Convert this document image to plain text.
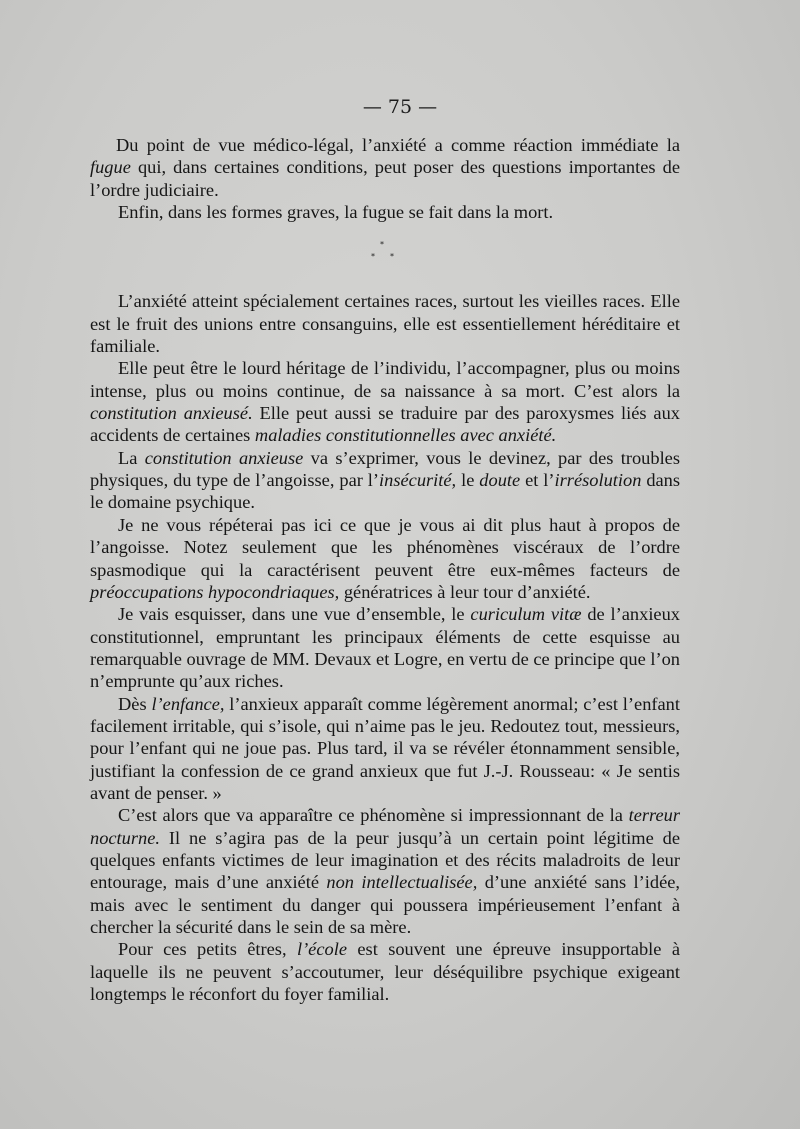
— 75 —

Du point de vue médico-légal, l’anxiété a comme réaction immédiate la fugue qui, dans certaines conditions, peut poser des questions importantes de l’ordre judiciaire.

Enfin, dans les formes graves, la fugue se fait dans la mort.

*
* *

L’anxiété atteint spécialement certaines races, surtout les vieilles races. Elle est le fruit des unions entre consanguins, elle est essentiellement héréditaire et familiale.

Elle peut être le lourd héritage de l’individu, l’accompagner, plus ou moins intense, plus ou moins continue, de sa naissance à sa mort. C’est alors la constitution anxieusé. Elle peut aussi se traduire par des paroxysmes liés aux accidents de certaines maladies constitutionnelles avec anxiété.

La constitution anxieuse va s’exprimer, vous le devinez, par des troubles physiques, du type de l’angoisse, par l’insécurité, le doute et l’irrésolution dans le domaine psychique.

Je ne vous répéterai pas ici ce que je vous ai dit plus haut à propos de l’angoisse. Notez seulement que les phénomènes viscéraux de l’ordre spasmodique qui la caractérisent peuvent être eux-mêmes facteurs de préoccupations hypocondriaques, génératrices à leur tour d’anxiété.

Je vais esquisser, dans une vue d’ensemble, le curiculum vitæ de l’anxieux constitutionnel, empruntant les principaux éléments de cette esquisse au remarquable ouvrage de MM. Devaux et Logre, en vertu de ce principe que l’on n’emprunte qu’aux riches.

Dès l’enfance, l’anxieux apparaît comme légèrement anormal; c’est l’enfant facilement irritable, qui s’isole, qui n’aime pas le jeu. Redoutez tout, messieurs, pour l’enfant qui ne joue pas. Plus tard, il va se révéler étonnamment sensible, justifiant la confession de ce grand anxieux que fut J.-J. Rousseau: « Je sentis avant de penser. »

C’est alors que va apparaître ce phénomène si impressionnant de la terreur nocturne. Il ne s’agira pas de la peur jusqu’à un certain point légitime de quelques enfants victimes de leur imagination et des récits maladroits de leur entourage, mais d’une anxiété non intellectualisée, d’une anxiété sans l’idée, mais avec le sentiment du danger qui poussera impérieusement l’enfant à chercher la sécurité dans le sein de sa mère.

Pour ces petits êtres, l’école est souvent une épreuve insupportable à laquelle ils ne peuvent s’accoutumer, leur déséquilibre psychique exigeant longtemps le réconfort du foyer familial.
